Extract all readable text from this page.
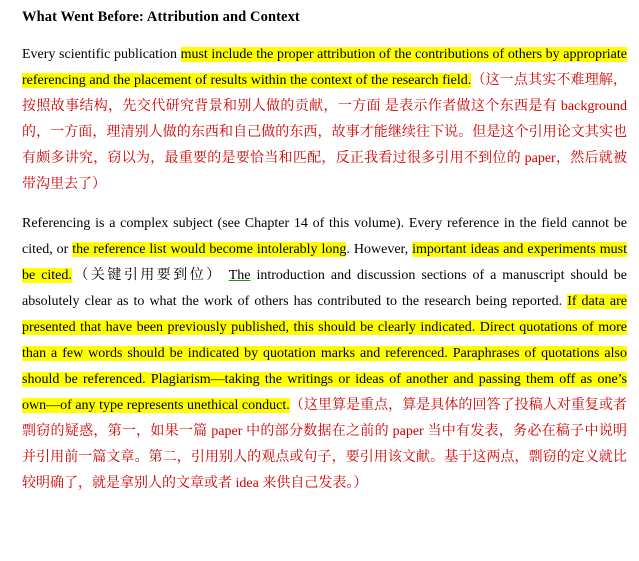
What Went Before: Attribution and Context

Every scientific publication must include the proper attribution of the contributions of others by appropriate referencing and the placement of results within the context of the research field.（这一点其实不难理解，按照故事结构，先交代研究背景和别人做的贡献，一方面 是表示作者做这个东西是有 background 的，一方面，理清别人做的东西和自己做的东西，故事才能继续往下说。但是这个引用论文其实也有颇多讲究，窃以为，最重要的是要恰当和匹配，反正我看过很多引用不到位的 paper，然后就被带沟里去了）

Referencing is a complex subject (see Chapter 14 of this volume). Every reference in the field cannot be cited, or the reference list would become intolerably long. However, important ideas and experiments must be cited.（关键引用要到位） The introduction and discussion sections of a manuscript should be absolutely clear as to what the work of others has contributed to the research being reported. If data are presented that have been previously published, this should be clearly indicated. Direct quotations of more than a few words should be indicated by quotation marks and referenced. Paraphrases of quotations also should be referenced. Plagiarism—taking the writings or ideas of another and passing them off as one’s own—of any type represents unethical conduct.（这里算是重点，算是具体的回答了投稿人对重复或者剽窃的疑惑，第一，如果一篇 paper 中的部分数据在之前的 paper 当中有发表，务必在稿子中说明并引用前一篇文章。第二，引用别人的观点或句子，要引用该文献。基于这两点，剽窃的定义就比较明确了，就是拿别人的文章或者 idea 来供自己发表。）
